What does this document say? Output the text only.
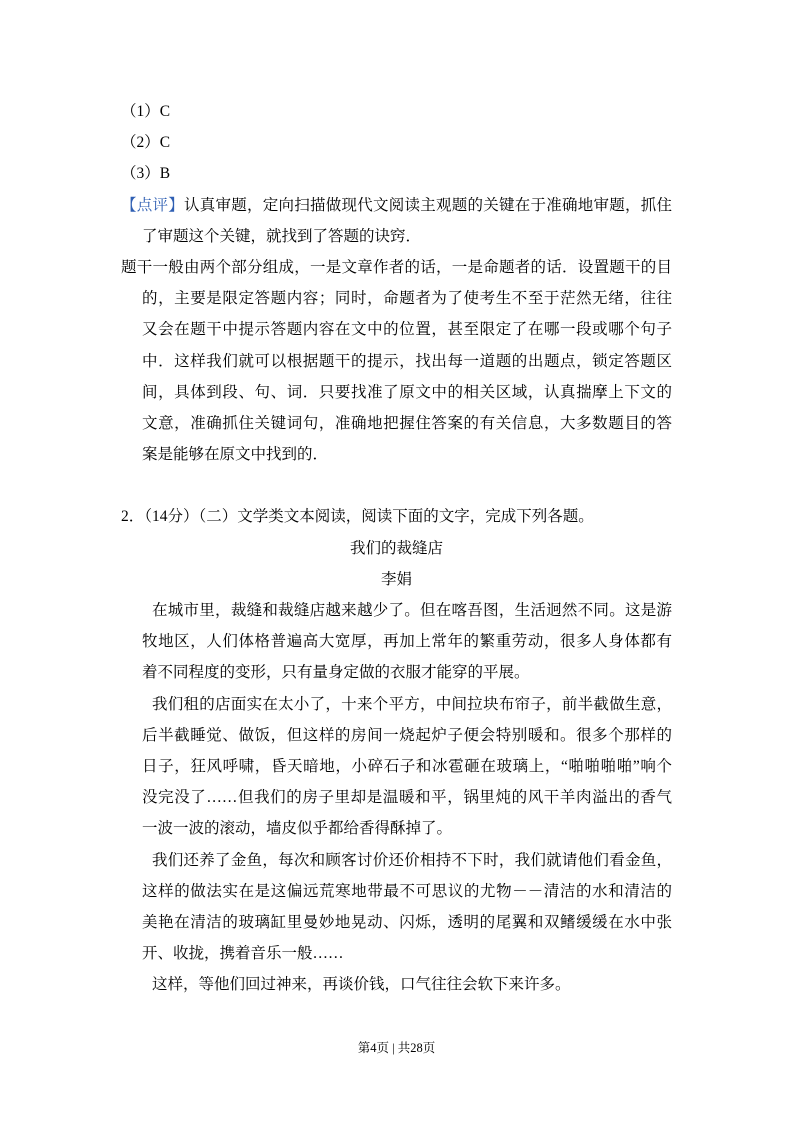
（1）C
（2）C
（3）B
【点评】认真审题，定向扫描做现代文阅读主观题的关键在于准确地审题，抓住
了审题这个关键，就找到了答题的诀窍．
题干一般由两个部分组成，一是文章作者的话，一是命题者的话．设置题干的目
的，主要是限定答题内容；同时，命题者为了使考生不至于茫然无绪，往往
又会在题干中提示答题内容在文中的位置，甚至限定了在哪一段或哪个句子
中．这样我们就可以根据题干的提示，找出每一道题的出题点，锁定答题区
间，具体到段、句、词．只要找准了原文中的相关区域，认真揣摩上下文的
文意，准确抓住关键词句，准确地把握住答案的有关信息，大多数题目的答
案是能够在原文中找到的．
2．（14分）（二）文学类文本阅读，阅读下面的文字，完成下列各题。
我们的裁缝店
李娟
在城市里，裁缝和裁缝店越来越少了。但在喀吾图，生活迥然不同。这是游
牧地区，人们体格普遍高大宽厚，再加上常年的繁重劳动，很多人身体都有
着不同程度的变形，只有量身定做的衣服才能穿的平展。
我们租的店面实在太小了，十来个平方，中间拉块布帘子，前半截做生意，
后半截睡觉、做饭，但这样的房间一烧起炉子便会特别暖和。很多个那样的
日子，狂风呼啸，昏天暗地，小碎石子和冰雹砸在玻璃上，“啪啪啪啪”响个
没完没了……但我们的房子里却是温暖和平，锅里炖的风干羊肉溢出的香气
一波一波的滚动，墙皮似乎都给香得酥掉了。
我们还养了金鱼，每次和顾客讨价还价相持不下时，我们就请他们看金鱼，
这样的做法实在是这偏远荒寒地带最不可思议的尤物－－清洁的水和清洁的
美艳在清洁的玻璃缸里曼妙地晃动、闪烁，透明的尾翼和双鳍缓缓在水中张
开、收拢，携着音乐一般……
这样，等他们回过神来，再谈价钱，口气往往会软下来许多。
第4页 | 共28页
